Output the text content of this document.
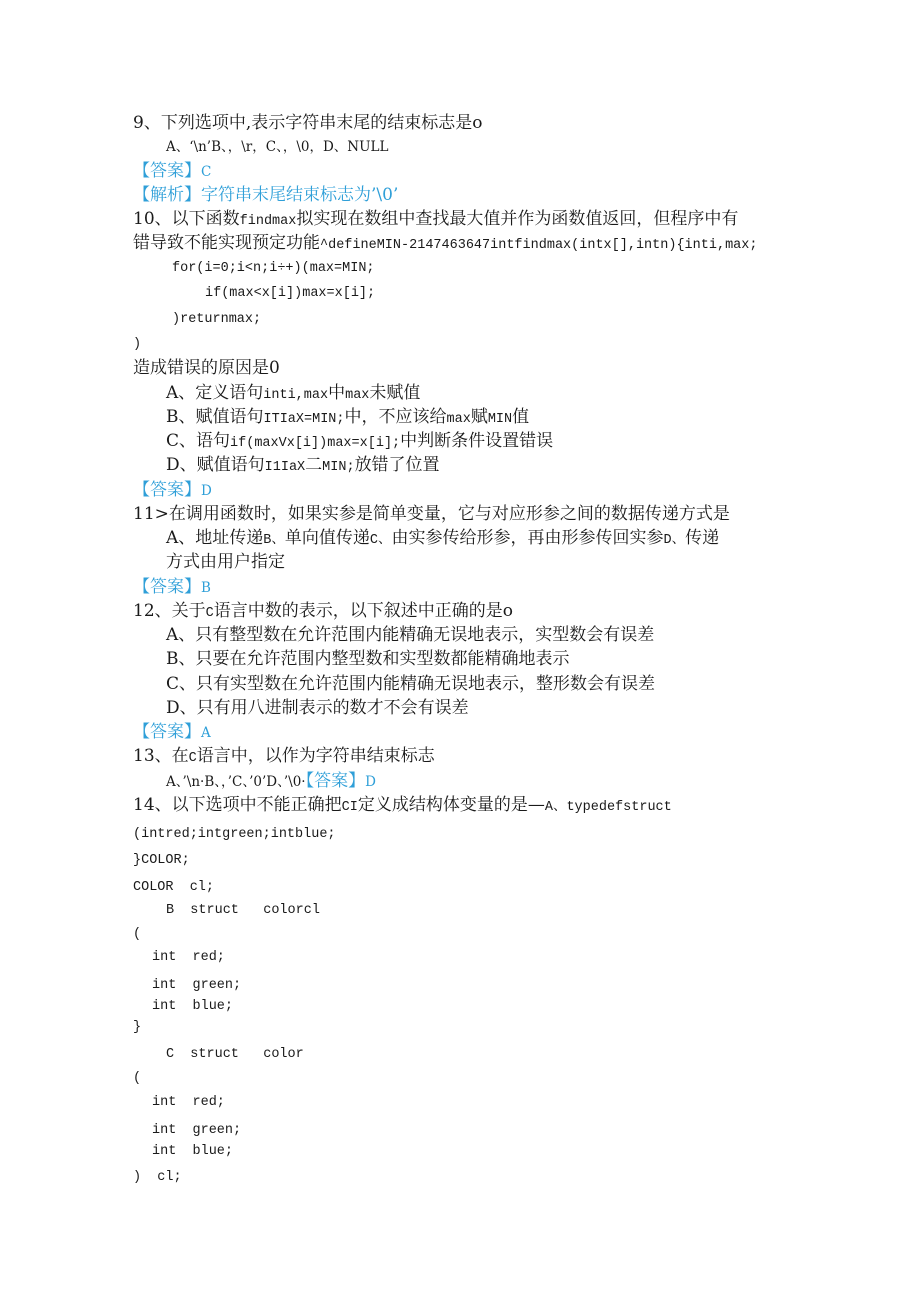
9、下列选项中,表示字符串末尾的结束标志是o
A、‘\n’B、，\r，C、，\0，D、NULL
【答案】C
【解析】字符串末尾结束标志为’\0’
10、以下函数findmax拟实现在数组中查找最大值并作为函数值返回，但程序中有
错导致不能实现预定功能^defineMIN-2147463647intfindmax(intx[],intn){inti,max;
for(i=0;i<n;i÷+)(max=MIN;
if(max<x[i])max=x[i];
)returnmax;
)
造成错误的原因是0
A、定义语句inti,max中max未赋值
B、赋值语句ITIaX=MIN;中，不应该给max赋MIN值
C、语句if(maxVx[i])max=x[i];中判断条件设置错误
D、赋值语句I1IaX二MIN;放错了位置
【答案】D
11>在调用函数时，如果实参是简单变量，它与对应形参之间的数据传递方式是
A、地址传递B、单向值传递C、由实参传给形参，再由形参传回实参D、传递
方式由用户指定
【答案】B
12、关于C语言中数的表示，以下叙述中正确的是o
A、只有整型数在允许范围内能精确无误地表示，实型数会有误差
B、只要在允许范围内整型数和实型数都能精确地表示
C、只有实型数在允许范围内能精确无误地表示，整形数会有误差
D、只有用八进制表示的数才不会有误差
【答案】A
13、在C语言中，以作为字符串结束标志
A、’\n·B、，’C、’0’D、’\0·【答案】D
14、以下选项中不能正确把CI定义成结构体变量的是—A、typedefstruct
(intred;intgreen;intblue;
}COLOR;
COLOR  cl;
B  struct   colorcl
(
int  red;
int  green;
int  blue;
}
C  struct   color
(
int  red;
int  green;
int  blue;
)  cl;
